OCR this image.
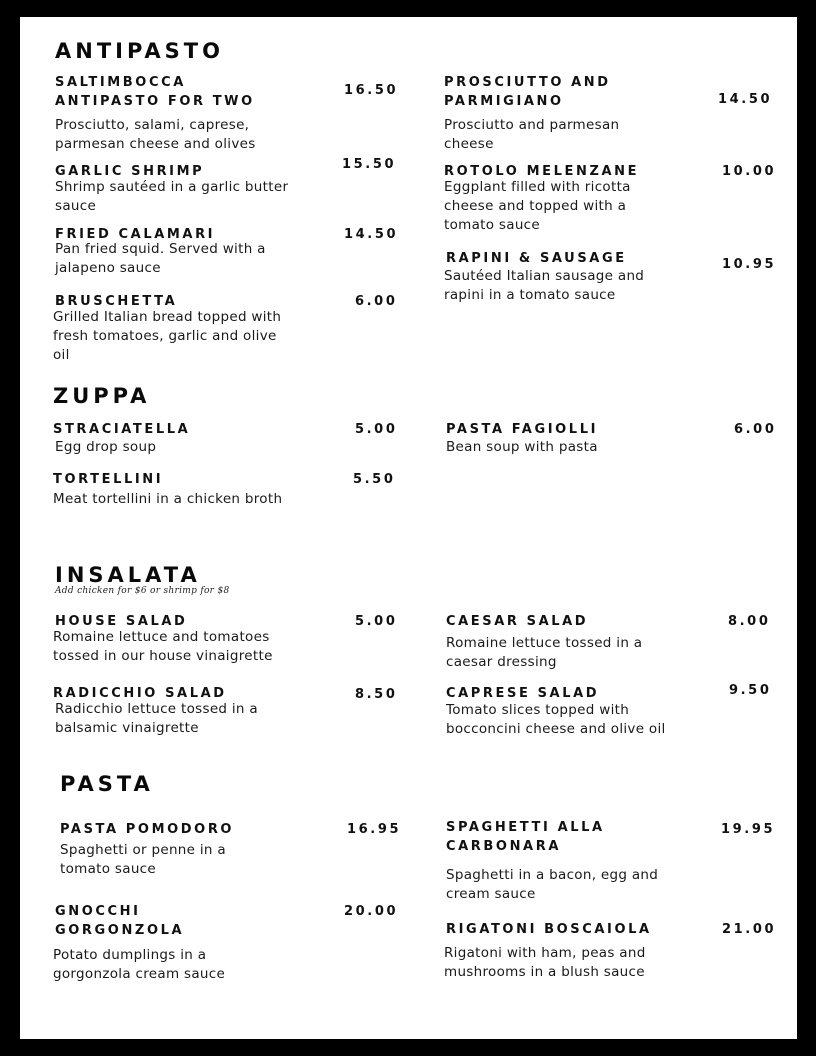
ANTIPASTO
SALTIMBOCCA ANTIPASTO FOR TWO
16.50
Prosciutto, salami, caprese, parmesan cheese and olives
GARLIC SHRIMP	15.50
Shrimp sautéed in a garlic butter sauce
FRIED CALAMARI	14.50
Pan fried squid. Served with a jalapeno sauce
BRUSCHETTA	6.00
Grilled Italian bread topped with fresh tomatoes, garlic and olive oil
PROSCIUTTO AND PARMIGIANO	14.50
Prosciutto and parmesan cheese
ROTOLO MELENZANE	10.00
Eggplant filled with ricotta cheese and topped with a tomato sauce
RAPINI & SAUSAGE	10.95
Sautéed Italian sausage and rapini in a tomato sauce
ZUPPA
STRACIATELLA	5.00
Egg drop soup
TORTELLINI	5.50
Meat tortellini in a chicken broth
PASTA FAGIOLLI	6.00
Bean soup with pasta
INSALATA
Add chicken for $6 or shrimp for $8
HOUSE SALAD	5.00
Romaine lettuce and tomatoes tossed in our house vinaigrette
RADICCHIO SALAD	8.50
Radicchio lettuce tossed in a balsamic vinaigrette
CAESAR SALAD	8.00
Romaine lettuce tossed in a caesar dressing
CAPRESE SALAD	9.50
Tomato slices topped with bocconcini cheese and olive oil
PASTA
PASTA POMODORO	16.95
Spaghetti or penne in a tomato sauce
GNOCCHI GORGONZOLA
20.00
Potato dumplings in a gorgonzola cream sauce
SPAGHETTI ALLA CARBONARA
19.95
Spaghetti in a bacon, egg and cream sauce
RIGATONI BOSCAIOLA	21.00
Rigatoni with ham, peas and mushrooms in a blush sauce
